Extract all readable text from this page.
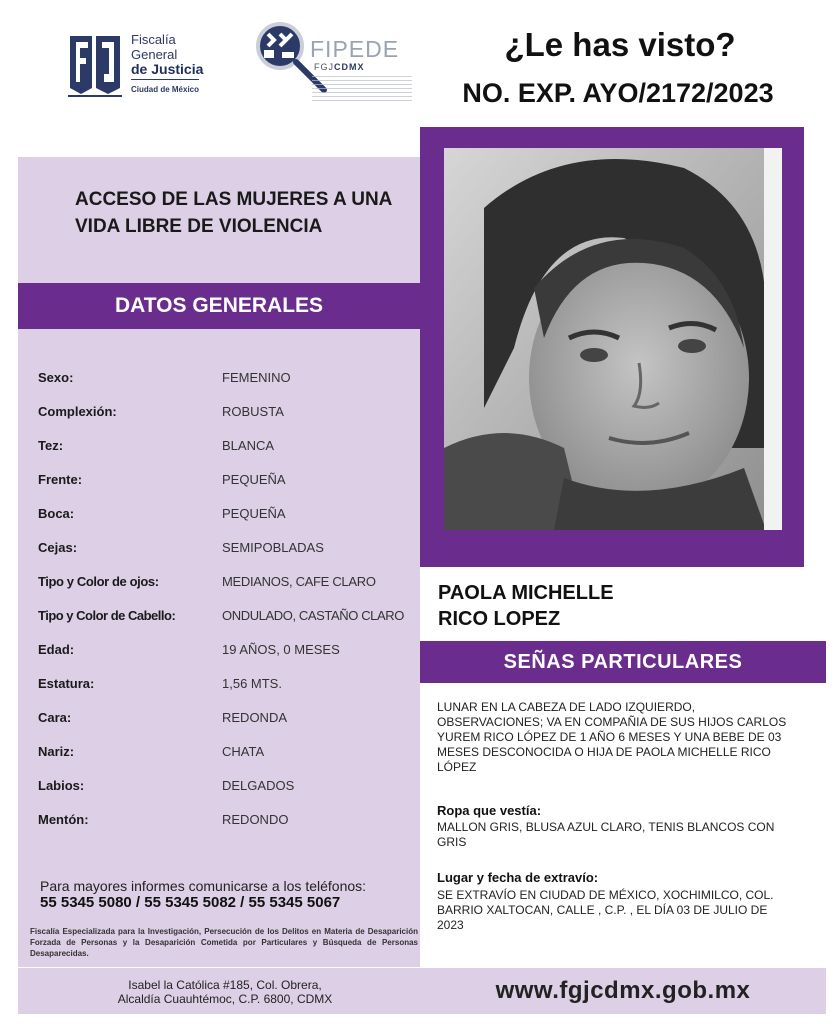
Fiscalía
General
de Justicia
Ciudad de México
FIPEDE
FGJCDMX
¿Le has visto?
NO. EXP. AYO/2172/2023
ACCESO DE LAS MUJERES A UNA VIDA LIBRE DE VIOLENCIA
DATOS GENERALES
Sexo:	FEMENINO
Complexión:	ROBUSTA
Tez:	BLANCA
Frente:	PEQUEÑA
Boca:	PEQUEÑA
Cejas:	SEMIPOBLADAS
Tipo y Color de ojos:	MEDIANOS, CAFE CLARO
Tipo y Color de Cabello:	ONDULADO, CASTAÑO CLARO
Edad:	19 AÑOS, 0 MESES
Estatura:	1,56 MTS.
Cara:	REDONDA
Nariz:	CHATA
Labios:	DELGADOS
Mentón:	REDONDO
Para mayores informes comunicarse a los teléfonos:
55 5345 5080 / 55 5345 5082 / 55 5345 5067
Fiscalía Especializada para la Investigación, Persecución de los Delitos en Materia de Desaparición Forzada de Personas y la Desaparición Cometida por Particulares y Búsqueda de Personas Desaparecidas.
PAOLA MICHELLE
RICO LOPEZ
SEÑAS PARTICULARES
LUNAR EN LA CABEZA DE LADO IZQUIERDO, OBSERVACIONES; VA EN COMPAÑIA DE SUS HIJOS CARLOS YUREM RICO LÓPEZ DE 1 AÑO 6 MESES Y UNA BEBE DE 03 MESES DESCONOCIDA O HIJA DE PAOLA MICHELLE RICO LÓPEZ
Ropa que vestía:
MALLON GRIS, BLUSA AZUL CLARO, TENIS BLANCOS CON GRIS
Lugar y fecha de extravío:
SE EXTRAVÍO EN CIUDAD DE MÉXICO, XOCHIMILCO, COL. BARRIO XALTOCAN, CALLE , C.P. , EL DÍA 03 DE JULIO DE 2023
Isabel la Católica #185, Col. Obrera,
Alcaldía Cuauhtémoc, C.P. 6800, CDMX	www.fgjcdmx.gob.mx
